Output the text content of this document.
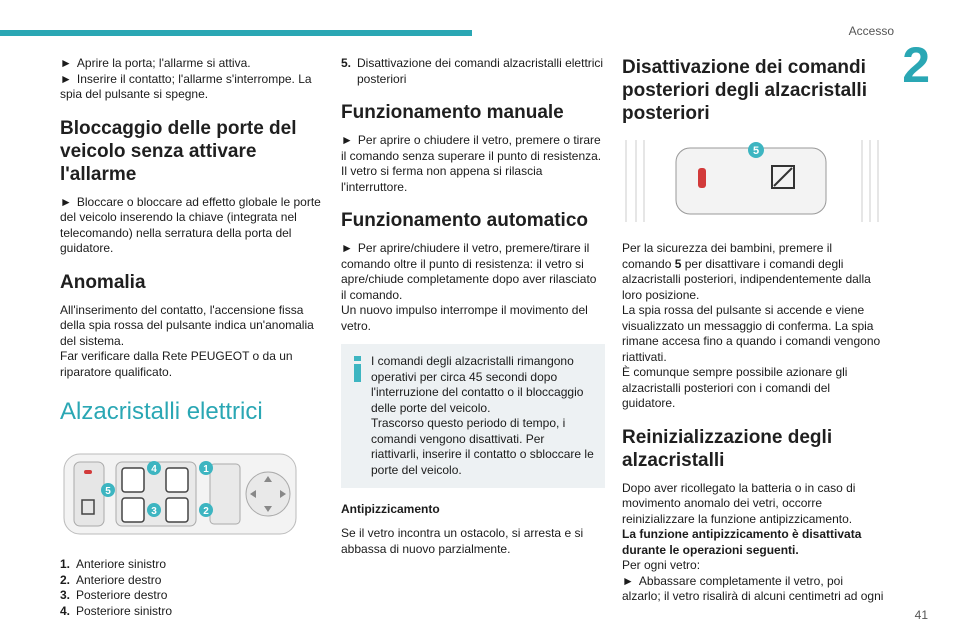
Accesso
2
41

► Aprire la porta; l'allarme si attiva.
► Inserire il contatto; l'allarme s'interrompe. La spia del pulsante si spegne.

Bloccaggio delle porte del veicolo senza attivare l'allarme

► Bloccare o bloccare ad effetto globale le porte del veicolo inserendo la chiave (integrata nel telecomando) nella serratura della porta del guidatore.

Anomalia

All'inserimento del contatto, l'accensione fissa della spia rossa del pulsante indica un'anomalia del sistema.
Far verificare dalla Rete PEUGEOT o da un riparatore qualificato.

Alzacristalli elettrici
1
2
3
4
5
1. Anteriore sinistro
2. Anteriore destro
3. Posteriore destro
4. Posteriore sinistro
5. Disattivazione dei comandi alzacristalli elettrici posteriori
Funzionamento manuale

► Per aprire o chiudere il vetro, premere o tirare il comando senza superare il punto di resistenza. Il vetro si ferma non appena si rilascia l'interruttore.

Funzionamento automatico

► Per aprire/chiudere il vetro, premere/tirare il comando oltre il punto di resistenza: il vetro si apre/chiude completamente dopo aver rilasciato il comando.
Un nuovo impulso interrompe il movimento del vetro.

I comandi degli alzacristalli rimangono operativi per circa 45 secondi dopo l'interruzione del contatto o il bloccaggio delle porte del veicolo.
Trascorso questo periodo di tempo, i comandi vengono disattivati. Per riattivarli, inserire il contatto o sbloccare le porte del veicolo.

Antipizzicamento

Se il vetro incontra un ostacolo, si arresta e si abbassa di nuovo parzialmente.

Disattivazione dei comandi posteriori degli alzacristalli posteriori
5

Per la sicurezza dei bambini, premere il comando 5 per disattivare i comandi degli alzacristalli posteriori, indipendentemente dalla loro posizione.
La spia rossa del pulsante si accende e viene visualizzato un messaggio di conferma. La spia rimane accesa fino a quando i comandi vengono riattivati.
È comunque sempre possibile azionare gli alzacristalli posteriori con i comandi del guidatore.

Reinizializzazione degli alzacristalli

Dopo aver ricollegato la batteria o in caso di movimento anomalo dei vetri, occorre reinizializzare la funzione antipizzicamento.
La funzione antipizzicamento è disattivata durante le operazioni seguenti.
Per ogni vetro:
► Abbassare completamente il vetro, poi alzarlo; il vetro risalirà di alcuni centimetri ad ogni
